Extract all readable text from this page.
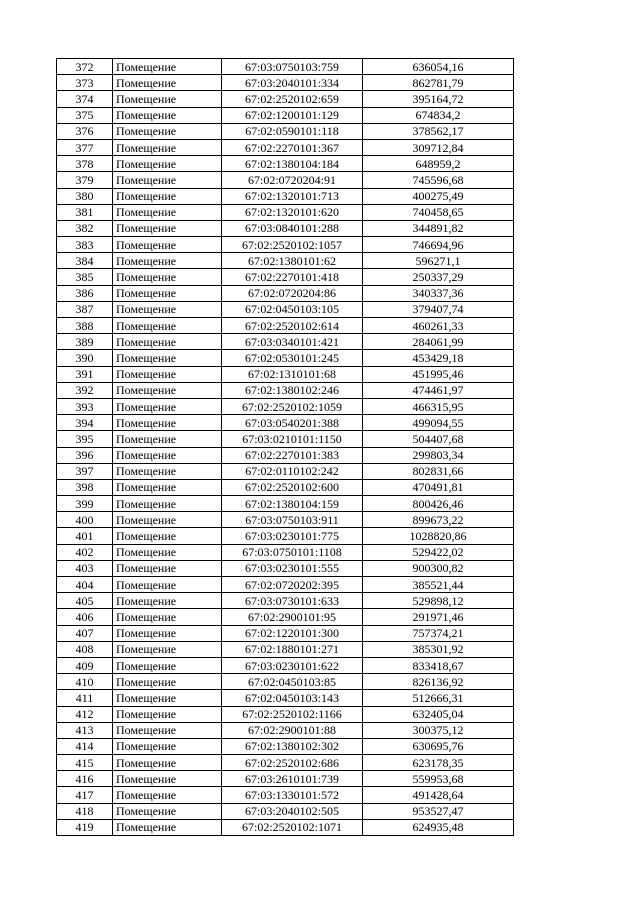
372	Помещение	67:03:0750103:759	636054,16
373	Помещение	67:03:2040101:334	862781,79
374	Помещение	67:02:2520102:659	395164,72
375	Помещение	67:02:1200101:129	674834,2
376	Помещение	67:02:0590101:118	378562,17
377	Помещение	67:02:2270101:367	309712,84
378	Помещение	67:02:1380104:184	648959,2
379	Помещение	67:02:0720204:91	745596,68
380	Помещение	67:02:1320101:713	400275,49
381	Помещение	67:02:1320101:620	740458,65
382	Помещение	67:03:0840101:288	344891,82
383	Помещение	67:02:2520102:1057	746694,96
384	Помещение	67:02:1380101:62	596271,1
385	Помещение	67:02:2270101:418	250337,29
386	Помещение	67:02:0720204:86	340337,36
387	Помещение	67:02:0450103:105	379407,74
388	Помещение	67:02:2520102:614	460261,33
389	Помещение	67:03:0340101:421	284061,99
390	Помещение	67:02:0530101:245	453429,18
391	Помещение	67:02:1310101:68	451995,46
392	Помещение	67:02:1380102:246	474461,97
393	Помещение	67:02:2520102:1059	466315,95
394	Помещение	67:03:0540201:388	499094,55
395	Помещение	67:03:0210101:1150	504407,68
396	Помещение	67:02:2270101:383	299803,34
397	Помещение	67:02:0110102:242	802831,66
398	Помещение	67:02:2520102:600	470491,81
399	Помещение	67:02:1380104:159	800426,46
400	Помещение	67:03:0750103:911	899673,22
401	Помещение	67:03:0230101:775	1028820,86
402	Помещение	67:03:0750101:1108	529422,02
403	Помещение	67:03:0230101:555	900300,82
404	Помещение	67:02:0720202:395	385521,44
405	Помещение	67:03:0730101:633	529898,12
406	Помещение	67:02:2900101:95	291971,46
407	Помещение	67:02:1220101:300	757374,21
408	Помещение	67:02:1880101:271	385301,92
409	Помещение	67:03:0230101:622	833418,67
410	Помещение	67:02:0450103:85	826136,92
411	Помещение	67:02:0450103:143	512666,31
412	Помещение	67:02:2520102:1166	632405,04
413	Помещение	67:02:2900101:88	300375,12
414	Помещение	67:02:1380102:302	630695,76
415	Помещение	67:02:2520102:686	623178,35
416	Помещение	67:03:2610101:739	559953,68
417	Помещение	67:03:1330101:572	491428,64
418	Помещение	67:03:2040102:505	953527,47
419	Помещение	67:02:2520102:1071	624935,48
